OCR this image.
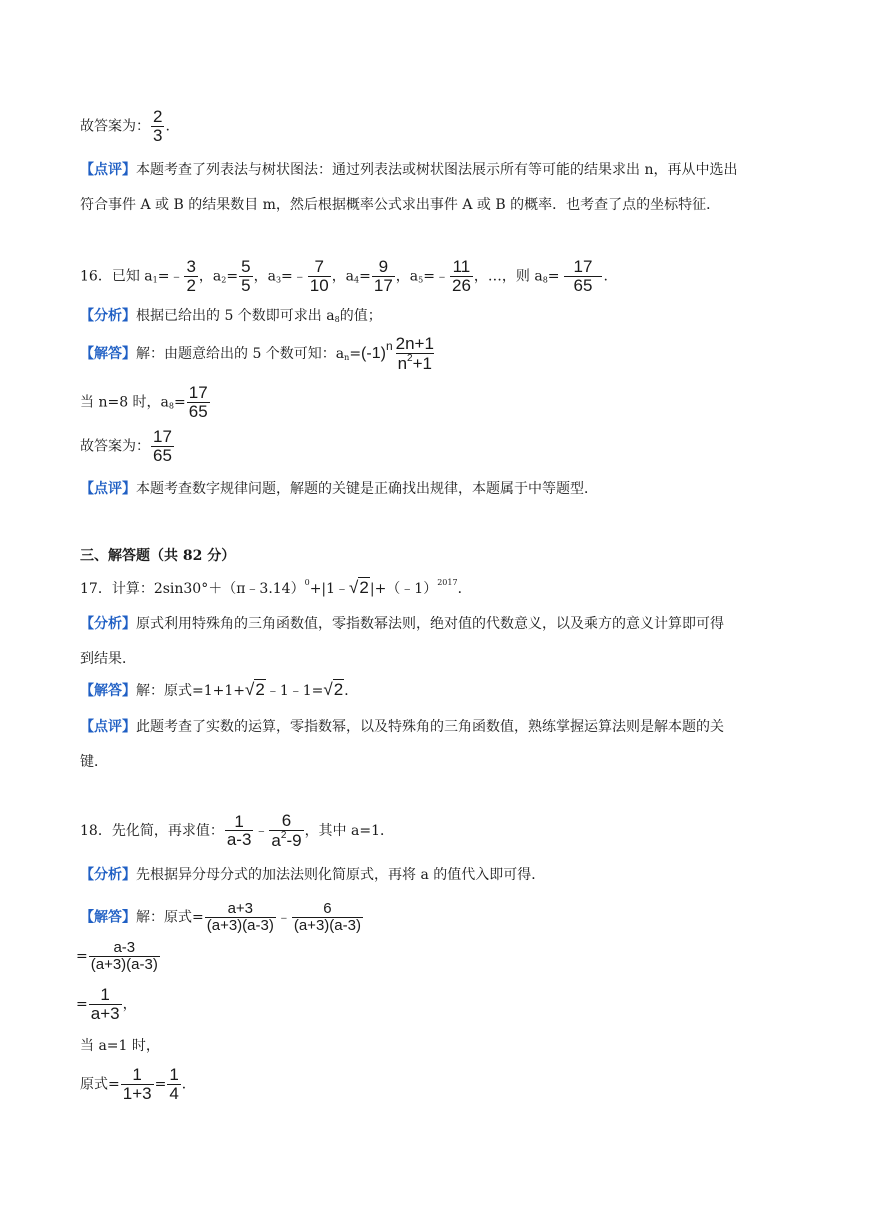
故答案为： $\frac{2}{3}$ .
【点评】本题考查了列表法与树状图法：通过列表法或树状图法展示所有等可能的结果求出 n，再从中选出
符合事件 A 或 B 的结果数目 m，然后根据概率公式求出事件 A 或 B 的概率．也考查了点的坐标特征．
16．已知 $a_1=﹣ \frac{3}{2}$ ，$a_2= \frac{5}{5}$ ，$a_3=﹣ \frac{7}{10}$ ，$a_4= \frac{9}{17}$ ，$a_5=﹣ \frac{11}{26}$ ，…，则 $a_8= \frac{17}{65}$ .
【分析】根据已给出的 5 个数即可求出 $a_8$的值；
【解答】解：由题意给出的 5 个数可知：$a_n=(-1)n \frac{2n+1}{n^2+1}$
当 n=8 时，$a_8= \frac{17}{65}$
故答案为： $\frac{17}{65}$
【点评】本题考查数字规律问题，解题的关键是正确找出规律，本题属于中等题型．
三、解答题（共 82 分）
17．计算：2sin30°＋（π﹣3.14）$^0$+|1﹣√2|+（﹣1）$^{2017}$．
【分析】原式利用特殊角的三角函数值，零指数幂法则，绝对值的代数意义，以及乘方的意义计算即可得
到结果．
【解答】解：原式=1+1+√2﹣1﹣1=√2．
【点评】此题考查了实数的运算，零指数幂，以及特殊角的三角函数值，熟练掌握运算法则是解本题的关
键．
18．先化简，再求值： $\frac{1}{a-3}$ ﹣ $\frac{6}{a^2-9}$ ，其中 a=1．
【分析】先根据异分母分式的加法法则化简原式，再将 a 的值代入即可得．
【解答】解：原式= $\frac{a+3}{(a+3)(a-3)}$ ﹣ $\frac{6}{(a+3)(a-3)}$
= $\frac{a-3}{(a+3)(a-3)}$
= $\frac{1}{a+3}$ ，
当 a=1 时，
原式= $\frac{1}{1+3} = \frac{1}{4}$ ．
